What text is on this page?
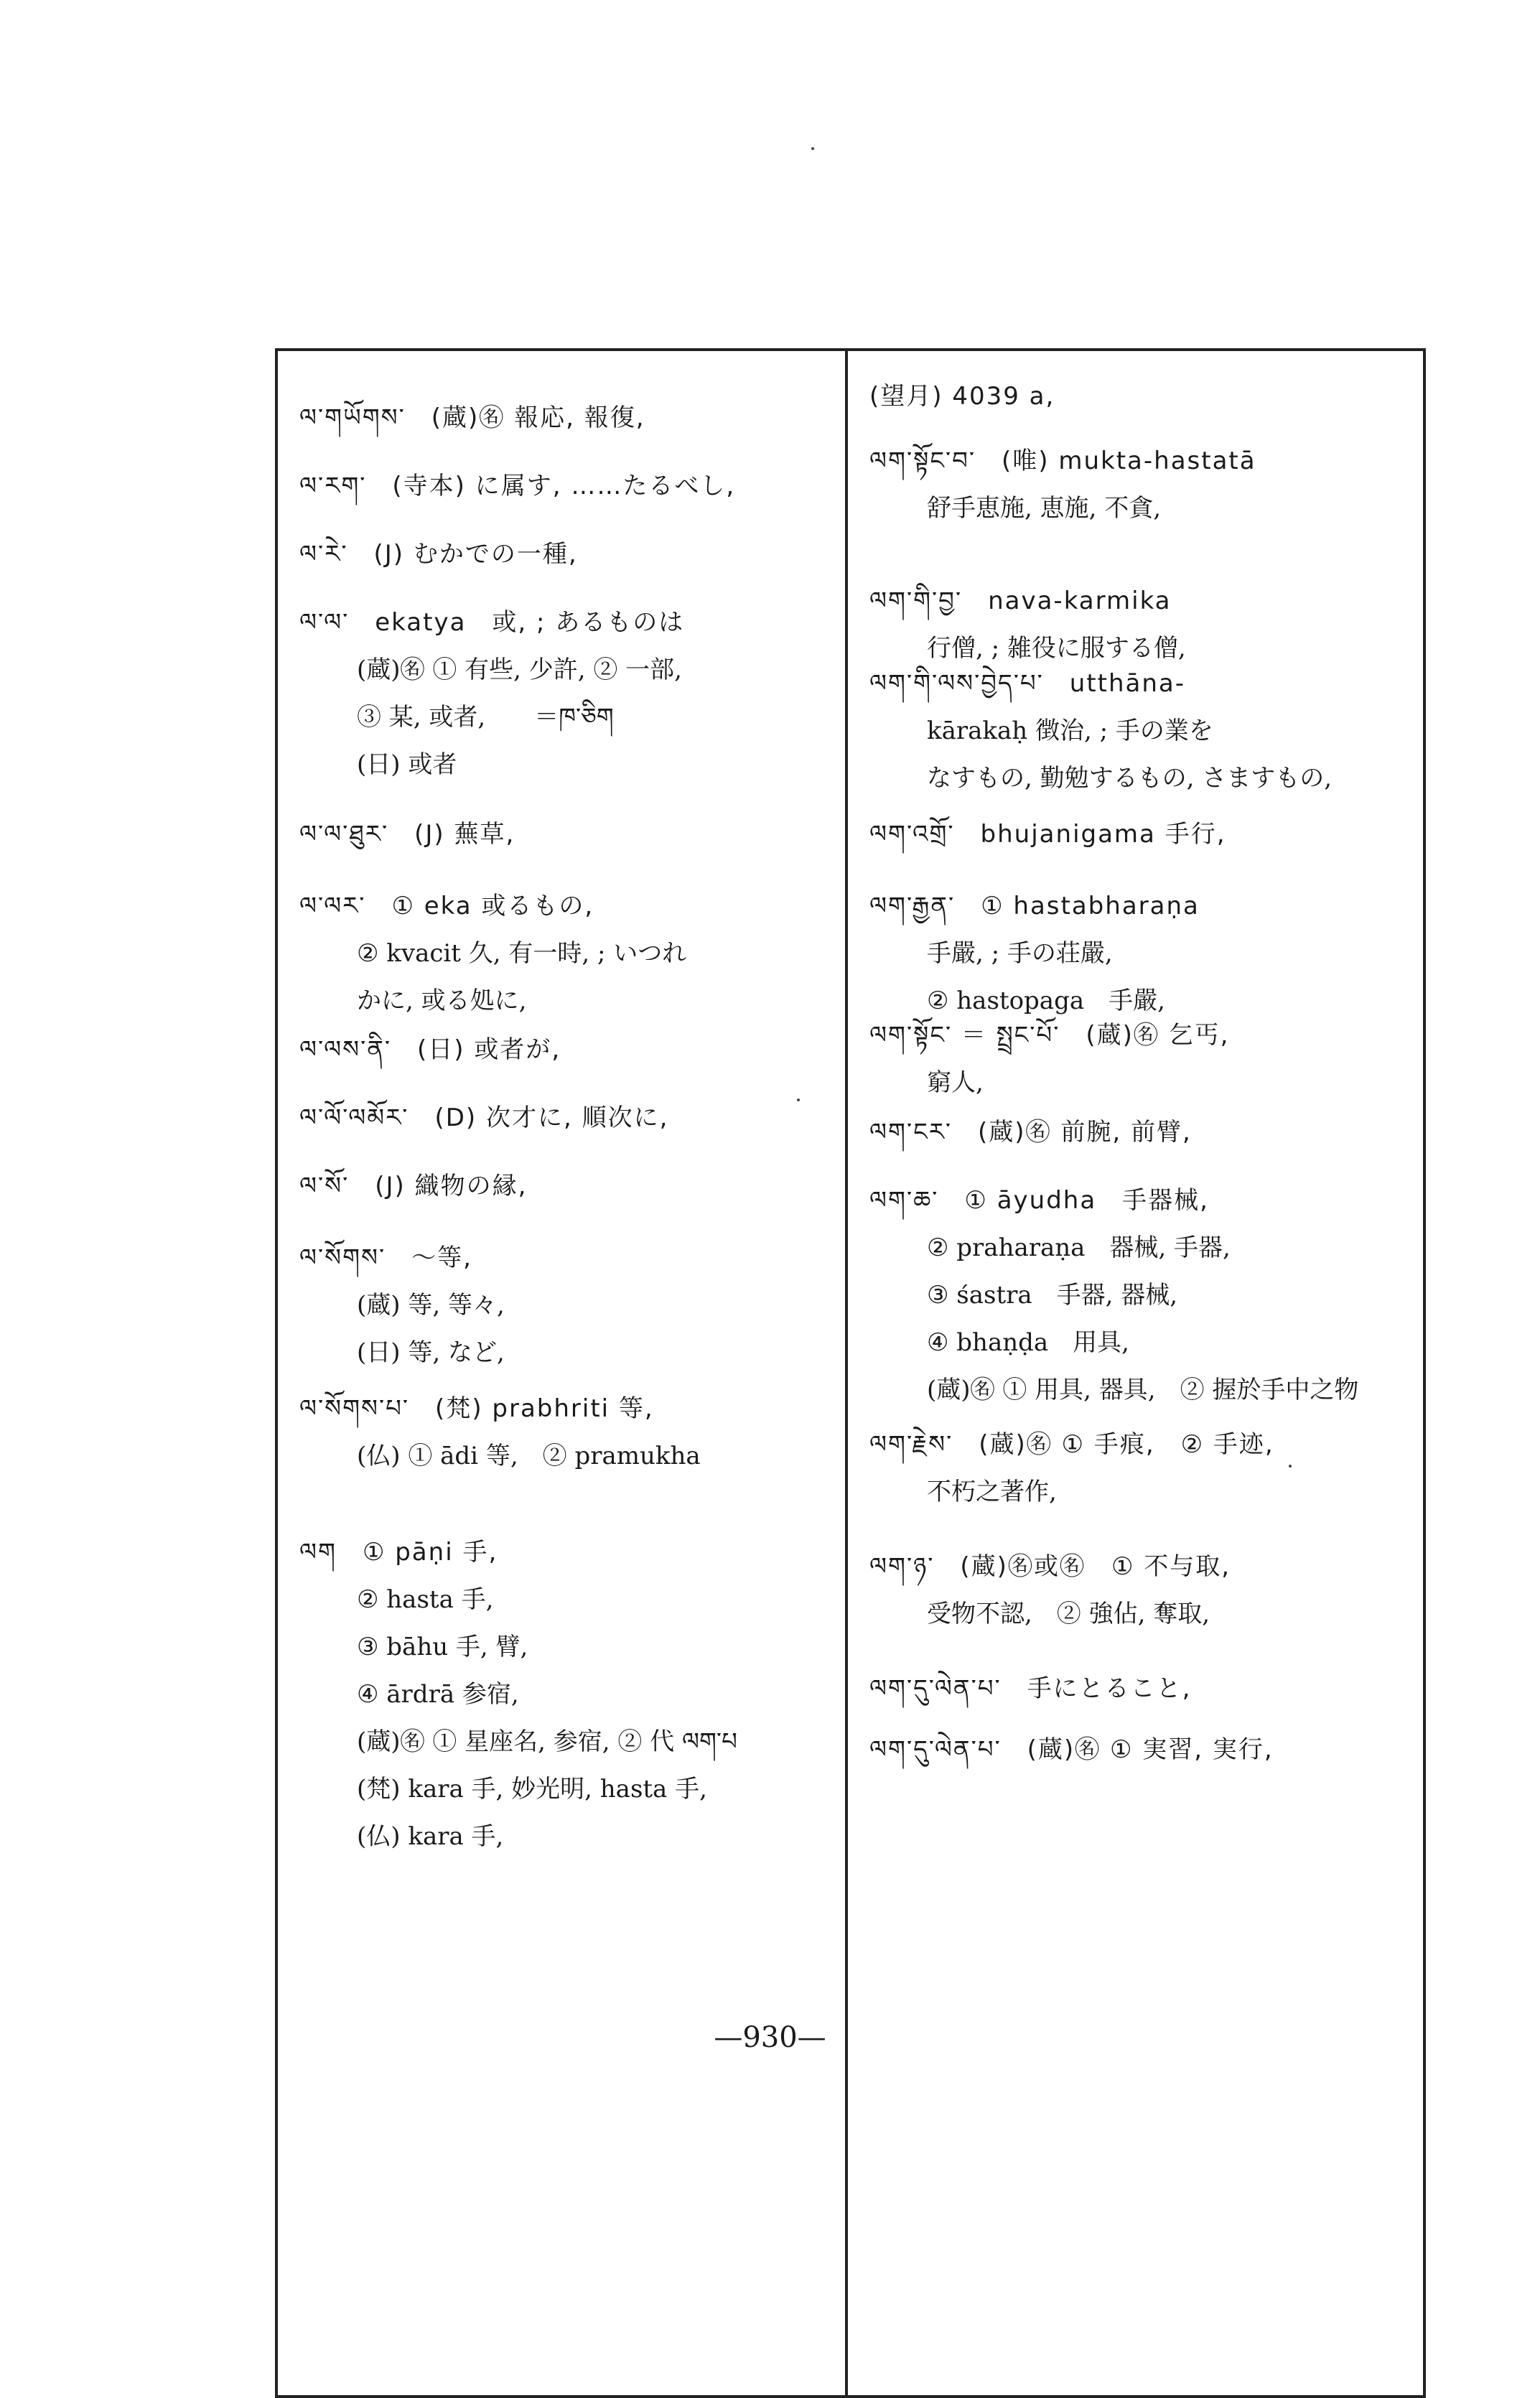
ལ་གཡོགས་　(蔵)㊔ 報応, 報復,
ལ་རག་　(寺本) に属す, ……たるべし,
ལ་རེ་　(J) むかでの一種,
ལ་ལ་　ekatya　或, ; あるものは
(蔵)㊔ ① 有些, 少許, ② 一部,
③ 某, 或者,　　＝ཁ་ཅིག
(日) 或者
ལ་ལ་ཐུར་　(J) 蕪草,
ལ་ལར་　① eka 或るもの,
② kvacit 久, 有一時, ; いつれ
かに, 或る処に,
ལ་ལས་ནི་　(日) 或者が,
ལ་ལོ་ལམོར་　(D) 次才に, 順次に,
ལ་སོ་　(J) 織物の縁,
ལ་སོགས་　～等,
(蔵) 等, 等々,
(日) 等, など,
ལ་སོགས་པ་　(梵) prabhriti 等,
(仏) ① ādi 等,　② pramukha
ལག　① pāṇi 手,
② hasta 手,
③ bāhu 手, 臂,
④ ārdrā 参宿,
(蔵)㊔ ① 星座名, 参宿, ② 代 ལག་པ
(梵) kara 手, 妙光明, hasta 手,
(仏) kara 手,
(望月) 4039 a,
ལག་སྟོང་བ་　(唯) mukta-hastatā
舒手恵施, 恵施, 不貪,
ལག་གི་བྱ་　nava-karmika
行僧, ; 雑役に服する僧,
ལག་གི་ལས་བྱེད་པ་　utthāna-
kārakaḥ 徴治, ; 手の業を
なすもの, 勤勉するもの, さますもの,
ལག་འགྲོ་　bhujanigama 手行,
ལག་རྒྱན་　① hastabharaṇa
手嚴, ; 手の荘嚴,
② hastopaga　手嚴,
ལག་སྟོང་ ＝ སྤྲང་པོ་　(蔵)㊔ 乞丐,
窮人,
ལག་ངར་　(蔵)㊔ 前腕, 前臂,
ལག་ཆ་　① āyudha　手器械,
② praharaṇa　器械, 手器,
③ śastra　手器, 器械,
④ bhaṇḍa　用具,
(蔵)㊔ ① 用具, 器具,　② 握於手中之物
ལག་རྗེས་　(蔵)㊔ ① 手痕,　② 手迹,
不朽之著作,
ལག་ཉ་　(蔵)㊔或㊔　① 不与取,
受物不認,　② 強佔, 奪取,
ལག་དུ་ལེན་པ་　手にとること,
ལག་དུ་ལེན་པ་　(蔵)㊔ ① 実習, 実行,
—930—
